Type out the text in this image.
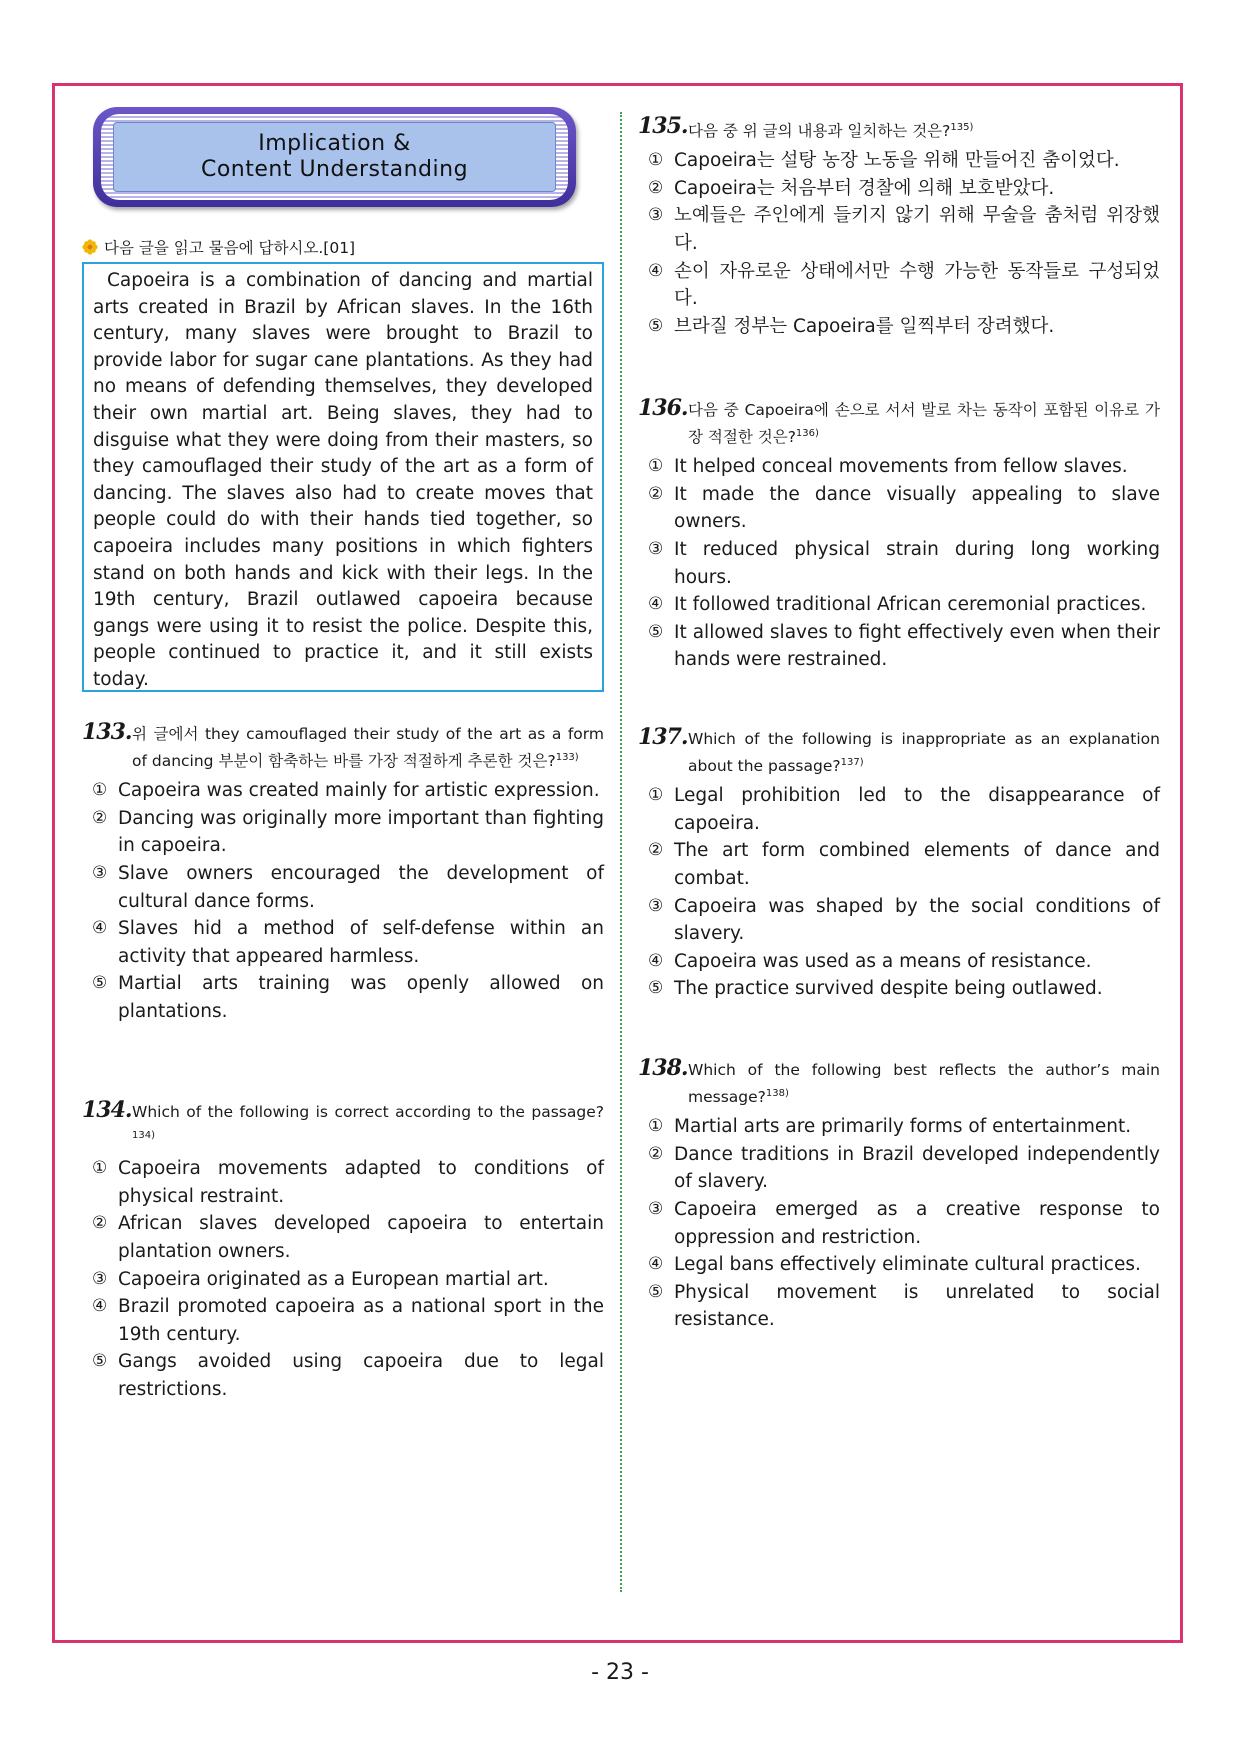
Implication &
Content Understanding
다음 글을 읽고 물음에 답하시오.[01]
Capoeira is a combination of dancing and martial arts created in Brazil by African slaves. In the 16th century, many slaves were brought to Brazil to provide labor for sugar cane plantations. As they had no means of defending themselves, they developed their own martial art. Being slaves, they had to disguise what they were doing from their masters, so they camouflaged their study of the art as a form of dancing. The slaves also had to create moves that people could do with their hands tied together, so capoeira includes many positions in which fighters stand on both hands and kick with their legs. In the 19th century, Brazil outlawed capoeira because gangs were using it to resist the police. Despite this, people continued to practice it, and it still exists today.
133. 위 글에서 they camouflaged their study of the art as a form of dancing 부분이 함축하는 바를 가장 적절하게 추론한 것은?$^{133)}$
① Capoeira was created mainly for artistic expression.
② Dancing was originally more important than fighting in capoeira.
③ Slave owners encouraged the development of cultural dance forms.
④ Slaves hid a method of self-defense within an activity that appeared harmless.
⑤ Martial arts training was openly allowed on plantations.
134. Which of the following is correct according to the passage?$^{134)}$
① Capoeira movements adapted to conditions of physical restraint.
② African slaves developed capoeira to entertain plantation owners.
③ Capoeira originated as a European martial art.
④ Brazil promoted capoeira as a national sport in the 19th century.
⑤ Gangs avoided using capoeira due to legal restrictions.
135. 다음 중 위 글의 내용과 일치하는 것은?$^{135)}$
① Capoeira는 설탕 농장 노동을 위해 만들어진 춤이었다.
② Capoeira는 처음부터 경찰에 의해 보호받았다.
③ 노예들은 주인에게 들키지 않기 위해 무술을 춤처럼 위장했다.
④ 손이 자유로운 상태에서만 수행 가능한 동작들로 구성되었다.
⑤ 브라질 정부는 Capoeira를 일찍부터 장려했다.
136. 다음 중 Capoeira에 손으로 서서 발로 차는 동작이 포함된 이유로 가장 적절한 것은?$^{136)}$
① It helped conceal movements from fellow slaves.
② It made the dance visually appealing to slave owners.
③ It reduced physical strain during long working hours.
④ It followed traditional African ceremonial practices.
⑤ It allowed slaves to fight effectively even when their hands were restrained.
137. Which of the following is inappropriate as an explanation about the passage?$^{137)}$
① Legal prohibition led to the disappearance of capoeira.
② The art form combined elements of dance and combat.
③ Capoeira was shaped by the social conditions of slavery.
④ Capoeira was used as a means of resistance.
⑤ The practice survived despite being outlawed.
138. Which of the following best reflects the author’s main message?$^{138)}$
① Martial arts are primarily forms of entertainment.
② Dance traditions in Brazil developed independently of slavery.
③ Capoeira emerged as a creative response to oppression and restriction.
④ Legal bans effectively eliminate cultural practices.
⑤ Physical movement is unrelated to social resistance.
- 23 -
